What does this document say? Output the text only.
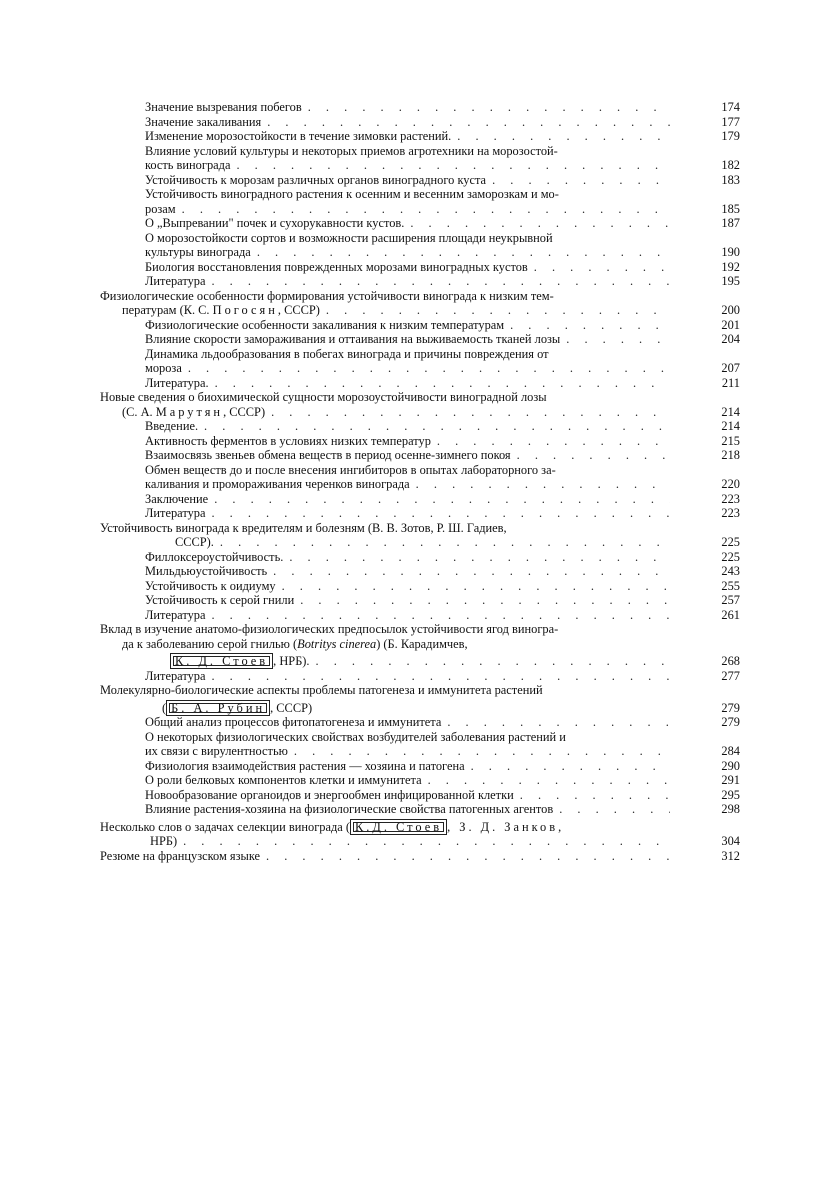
Значение вызревания побегов . . .	174
Значение закаливания . . .	177
Изменение морозостойкости в течение зимовки растений. . . .	179
Влияние условий культуры и некоторых приемов агротехники на морозостой-
кость винограда . . .	182
Устойчивость к морозам различных органов виноградного куста . . .	183
Устойчивость виноградного растения к осенним и весенним заморозкам и мо-
розам . . .	185
О „Выпревании" почек и сухорукавности кустов. . . .	187
О морозостойкости сортов и возможности расширения площади неукрывной
культуры винограда . . .	190
Биология восстановления поврежденных морозами виноградных кустов . . .	192
Литература . . .	195
Физиологические особенности формирования устойчивости винограда к низким тем-
пературам (К. С. Погосян, СССР) . . .	200
Физиологические особенности закаливания к низким температурам . . .	201
Влияние скорости замораживания и оттаивания на выживаемость тканей лозы . . .	204
Динамика льдообразования в побегах винограда и причины повреждения от
мороза . . .	207
Литература. . . .	211
Новые сведения о биохимической сущности морозоустойчивости виноградной лозы
(С. А. Марутян, СССР) . . .	214
Введение. . . .	214
Активность ферментов в условиях низких температур . . .	215
Взаимосвязь звеньев обмена веществ в период осенне-зимнего покоя . . .	218
Обмен веществ до и после внесения ингибиторов в опытах лабораторного за-
каливания и проморaживания черенков винограда . . .	220
Заключение . . .	223
Литература . . .	223
Устойчивость винограда к вредителям и болезням (В. В. Зотов, Р. Ш. Гадиев,
СССР). . . .	225
Филлоксероустойчивость. . . .	225
Мильдьюустойчивость . . .	243
Устойчивость к оидиуму . . .	255
Устойчивость к серой гнили . . .	257
Литература . . .	261
Вклад в изучение анатомо-физиологических предпосылок устойчивости ягод виногра-
да к заболеванию серой гнилью (Botritys cinerea) (Б. Карадимчев,
К. Д. Стоев , НРБ). . . .	268
Литература . . .	277
Молекулярно-биологические аспекты проблемы патогенеза и иммунитета растений
( Б. А. Рубин , СССР)	279
Общий анализ процессов фитопатогенеза и иммунитета . . .	279
О некоторых физиологических свойствах возбудителей заболевания растений и
их связи с вирулентностью . . .	284
Физиология взаимодействия растения — хозяина и патогена . . .	290
О роли белковых компонентов клетки и иммунитета . . .	291
Новообразование органоидов и энергообмен инфицированной клетки . . .	295
Влияние растения-хозяина на физиологические свойства патогенных агентов . . .	298
Несколько слов о задачах селекции винограда ( К.Д. Стоев , З. Д. Занков,
НРБ) . . .	304
Резюме на французском языке . . .	312
